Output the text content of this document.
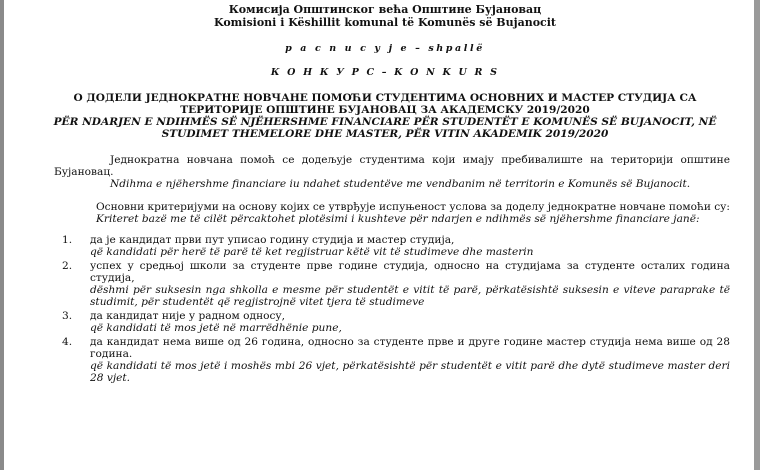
Комисија Општинског већа Општине Бујановац
Komisioni i Këshillit komunal të Komunës së Bujanocit
р а с п и с у ј е – shpallë
К О Н К У Р С – K O N K U R S
О ДОДЕЛИ ЈЕДНОКРАТНЕ НОВЧАНЕ ПОМОЋИ СТУДЕНТИМА ОСНОВНИХ И МАСТЕР СТУДИЈА СА ТЕРИТОРИЈЕ ОПШТИНЕ БУЈАНОВАЦ ЗА АКАДЕМСКУ 2019/2020
PËR NDARJEN E NDIHMËS SË NJËHERSHME FINANCIARE PËR STUDENTËT E KOMUNËS SË BUJANOCIT, NË STUDIMET THEMELORE DHE MASTER, PËR VITIN AKADEMIK 2019/2020
Једнократна новчана помоћ се додељује студентима који имају пребивалиште на територији општине Бујановац.
Ndihma e njëhershme financiare iu ndahet studentëve me vendbanim në territorin e Komunës së Bujanocit.
Основни критеријуми на основу којих се утврђује испуњеност услова за доделу једнократне новчане помоћи су:
Kriteret bazë me të cilët përcaktohet plotësimi i kushteve për ndarjen e ndihmës së njëhershme financiare janë:
1. да је кандидат први пут уписао годину студија и мастер студија,
që kandidati për herë të parë të ket regjistruar këtë vit të studimeve dhe masterin
2. успех у средњој школи за студенте прве године студија, односно на студијама за студенте осталих година студија,
dëshmi për suksesin nga shkolla e mesme për studentët e vitit të parë, përkatësishtë suksesin e viteve paraprake të studimit, për studentët që regjistrojnë vitet tjera të studimeve
3. да кандидат није у радном односу,
që kandidati të mos jetë në marrëdhënie pune,
4. да кандидат нема више од 26 година, односно за студенте прве и друге године мастер студија нема више од 28 година.
që kandidati të mos jetë i moshës mbi 26 vjet, përkatësishtë për studentët e vitit parë dhe dytë studimeve master deri 28 vjet.
